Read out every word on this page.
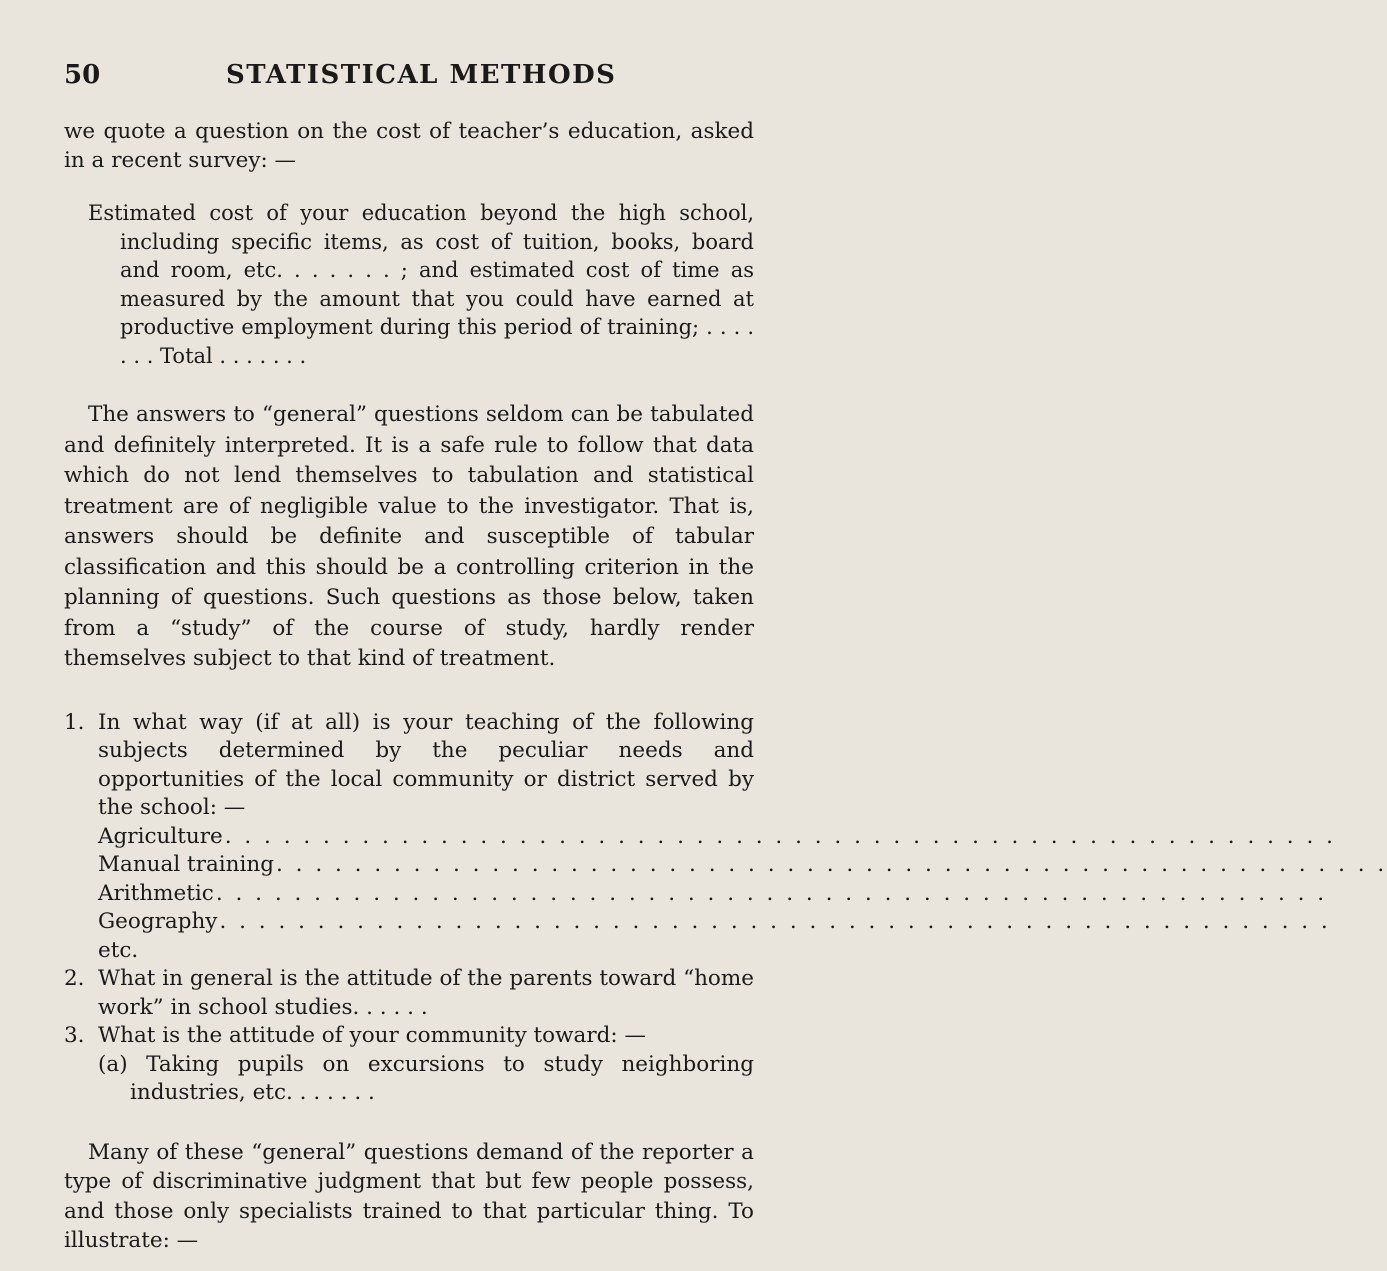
50	STATISTICAL METHODS

we quote a question on the cost of teacher’s education, asked in a recent survey: —

Estimated cost of your education beyond the high school, including specific items, as cost of tuition, books, board and room, etc. . . . . . . ; and estimated cost of time as measured by the amount that you could have earned at productive employment during this period of training; . . . . . . . Total . . . . . . .

The answers to “general” questions seldom can be tabulated and definitely interpreted. It is a safe rule to follow that data which do not lend themselves to tabulation and statistical treatment are of negligible value to the investigator. That is, answers should be definite and susceptible of tabular classification and this should be a controlling criterion in the planning of questions. Such questions as those below, taken from a “study” of the course of study, hardly render themselves subject to that kind of treatment.

1. In what way (if at all) is your teaching of the following subjects determined by the peculiar needs and opportunities of the local community or district served by the school: —
Agriculture . . . . . . . . . . . . . . . . . . . . . . . . . . . . . . . . . . . . . . . . . . . . . . . . . . . . . . . . .
Manual training . . . . . . . . . . . . . . . . . . . . . . . . . . . . . . . . . . . . . . . . . . . . . . . . . . . . . . . . .
Arithmetic . . . . . . . . . . . . . . . . . . . . . . . . . . . . . . . . . . . . . . . . . . . . . . . . . . . . . . . . .
Geography . . . . . . . . . . . . . . . . . . . . . . . . . . . . . . . . . . . . . . . . . . . . . . . . . . . . . . . . .
etc.
2. What in general is the attitude of the parents toward “home work” in school studies. . . . . .
3. What is the attitude of your community toward: —
(a) Taking pupils on excursions to study neighboring industries, etc. . . . . . .

Many of these “general” questions demand of the reporter a type of discriminative judgment that but few people possess, and those only specialists trained to that particular thing. To illustrate: —
